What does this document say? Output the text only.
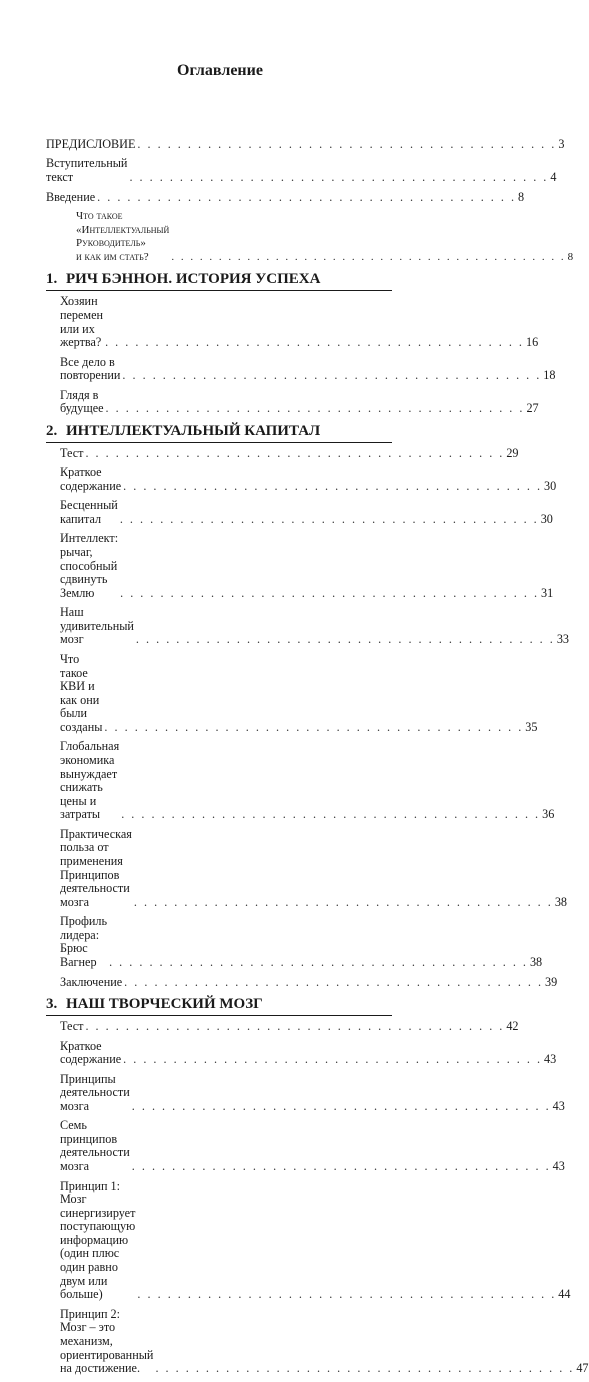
Оглавление
ПРЕДИСЛОВИЕ . . . . . . . . . . . . . . . . . . . . . . . . . . . . . . . . . . . . . . . . . . 3
Вступительный текст	. . . . . . . . . . . . . . . . . . . . . . . . . . . . . . . . . . . . . . . . . . 4
Введение . . . . . . . . . . . . . . . . . . . . . . . . . . . . . . . . . . . . . . . . . . 8
Что такое «Интеллектуальный Руководитель»
и как им стать?	. . . . . . . . . . . . . . . . . . . . . . . . . . . . . . . . . . . . . . . . . . 8
1. РИЧ БЭННОН. ИСТОРИЯ УСПЕХА
Хозяин перемен или их жертва? . . . . . . . . . . . . . . . . . . . . . . . . . . . . . . . . . . . . . . . . . . 16
Все дело в повторении . . . . . . . . . . . . . . . . . . . . . . . . . . . . . . . . . . . . . . . . . . 18
Глядя в будущее . . . . . . . . . . . . . . . . . . . . . . . . . . . . . . . . . . . . . . . . . . 27
2. ИНТЕЛЛЕКТУАЛЬНЫЙ КАПИТАЛ
Тест . . . . . . . . . . . . . . . . . . . . . . . . . . . . . . . . . . . . . . . . . . 29
Краткое содержание . . . . . . . . . . . . . . . . . . . . . . . . . . . . . . . . . . . . . . . . . . 30
Бесценный капитал	. . . . . . . . . . . . . . . . . . . . . . . . . . . . . . . . . . . . . . . . . . 30
Интеллект:
рычаг, способный сдвинуть Землю	. . . . . . . . . . . . . . . . . . . . . . . . . . . . . . . . . . . . . . . . . . 31
Наш удивительный мозг	. . . . . . . . . . . . . . . . . . . . . . . . . . . . . . . . . . . . . . . . . . 33
Что такое КВИ и как они были созданы . . . . . . . . . . . . . . . . . . . . . . . . . . . . . . . . . . . . . . . . . . 35
Глобальная экономика вынуждает
снижать цены и затраты	. . . . . . . . . . . . . . . . . . . . . . . . . . . . . . . . . . . . . . . . . . 36
Практическая польза от применения Принципов
деятельности мозга	. . . . . . . . . . . . . . . . . . . . . . . . . . . . . . . . . . . . . . . . . . 38
Профиль лидера: Брюс Вагнер	. . . . . . . . . . . . . . . . . . . . . . . . . . . . . . . . . . . . . . . . . . 38
Заключение . . . . . . . . . . . . . . . . . . . . . . . . . . . . . . . . . . . . . . . . . . 39
3. НАШ ТВОРЧЕСКИЙ МОЗГ
Тест . . . . . . . . . . . . . . . . . . . . . . . . . . . . . . . . . . . . . . . . . . 42
Краткое содержание . . . . . . . . . . . . . . . . . . . . . . . . . . . . . . . . . . . . . . . . . . 43
Принципы деятельности мозга	. . . . . . . . . . . . . . . . . . . . . . . . . . . . . . . . . . . . . . . . . . 43
Семь принципов деятельности мозга	. . . . . . . . . . . . . . . . . . . . . . . . . . . . . . . . . . . . . . . . . . 43
Принцип 1:
Мозг синергизирует поступающую информацию
(один плюс один равно двум или больше)	. . . . . . . . . . . . . . . . . . . . . . . . . . . . . . . . . . . . . . . . . . 44
Принцип 2:
Мозг – это механизм, ориентированный
на достижение.	. . . . . . . . . . . . . . . . . . . . . . . . . . . . . . . . . . . . . . . . . . 47
